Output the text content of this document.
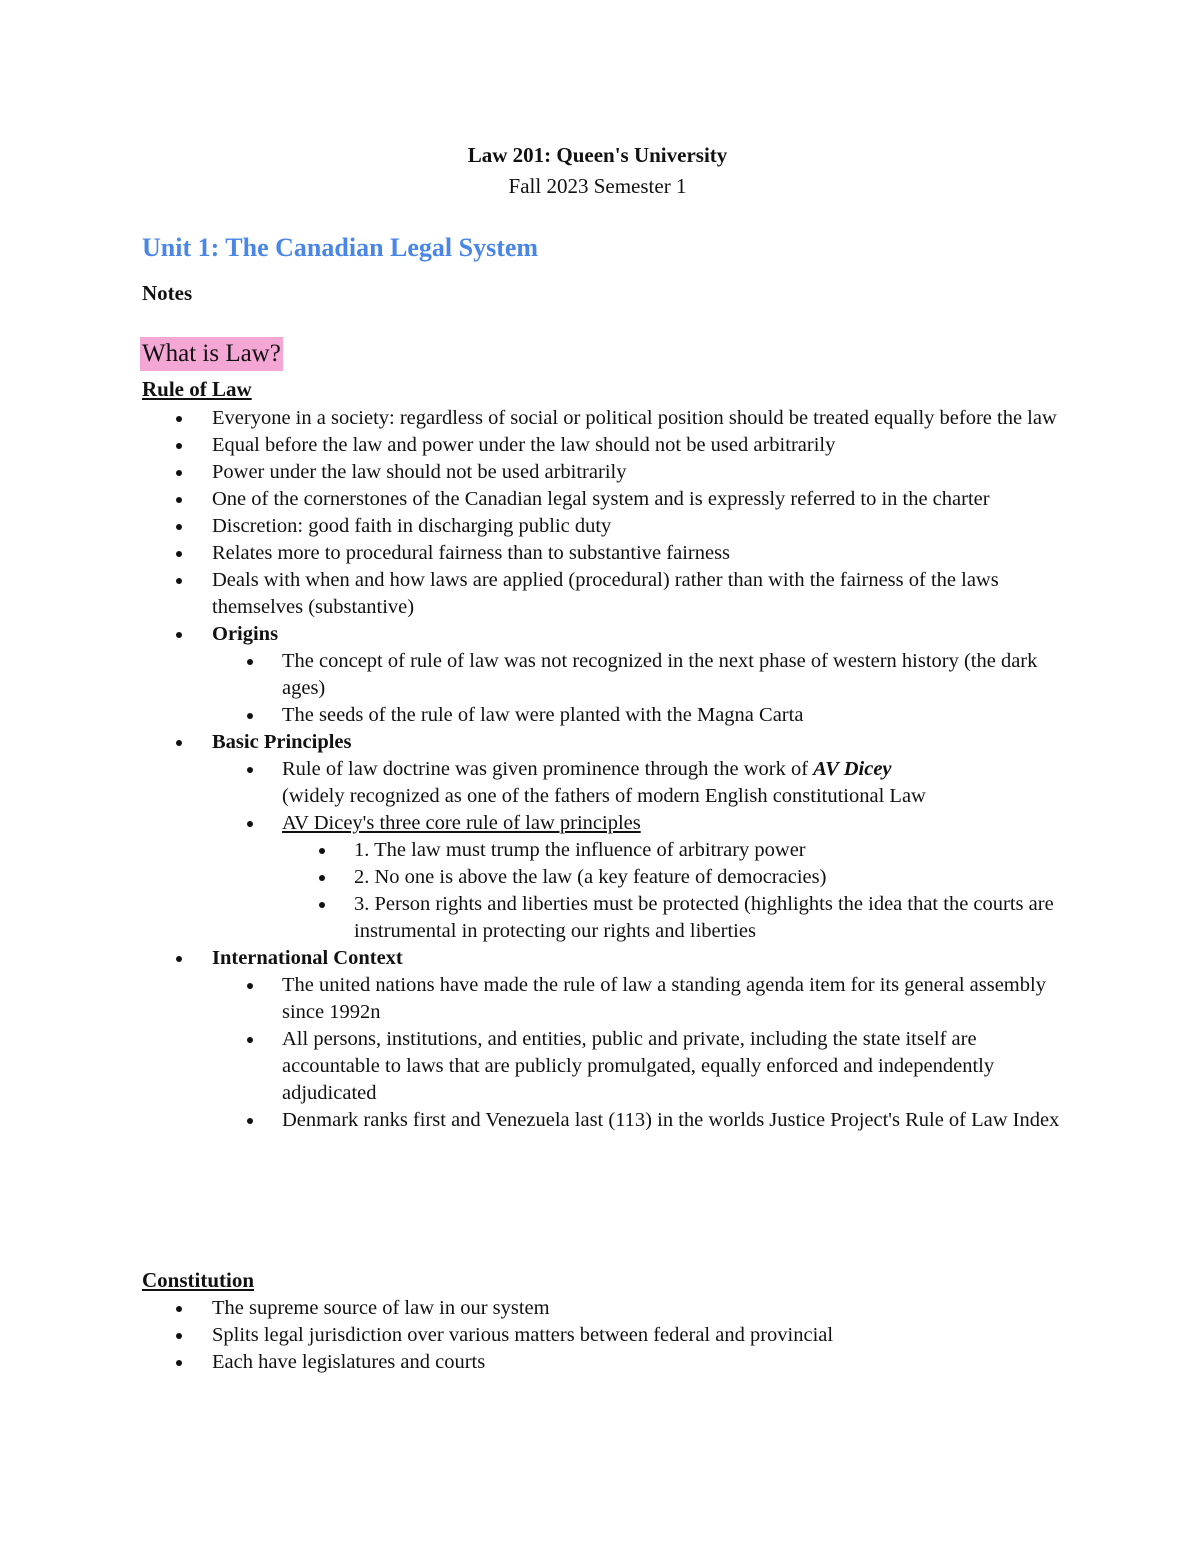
Law 201: Queen's University
Fall 2023 Semester 1
Unit 1: The Canadian Legal System
Notes
What is Law?
Rule of Law
Everyone in a society: regardless of social or political position should be treated equally before the law
Equal before the law and power under the law should not be used arbitrarily
Power under the law should not be used arbitrarily
One of the cornerstones of the Canadian legal system and is expressly referred to in the charter
Discretion: good faith in discharging public duty
Relates more to procedural fairness than to substantive fairness
Deals with when and how laws are applied (procedural) rather than with the fairness of the laws themselves (substantive)
Origins
The concept of rule of law was not recognized in the next phase of western history (the dark ages)
The seeds of the rule of law were planted with the Magna Carta
Basic Principles
Rule of law doctrine was given prominence through the work of AV Dicey
(widely recognized as one of the fathers of modern English constitutional Law
AV Dicey's three core rule of law principles
1. The law must trump the influence of arbitrary power
2. No one is above the law (a key feature of democracies)
3. Person rights and liberties must be protected (highlights the idea that the courts are instrumental in protecting our rights and liberties
International Context
The united nations have made the rule of law a standing agenda item for its general assembly since 1992n
All persons, institutions, and entities, public and private, including the state itself are accountable to laws that are publicly promulgated, equally enforced and independently adjudicated
Denmark ranks first and Venezuela last (113) in the worlds Justice Project's Rule of Law Index
Constitution
The supreme source of law in our system
Splits legal jurisdiction over various matters between federal and provincial
Each have legislatures and courts
